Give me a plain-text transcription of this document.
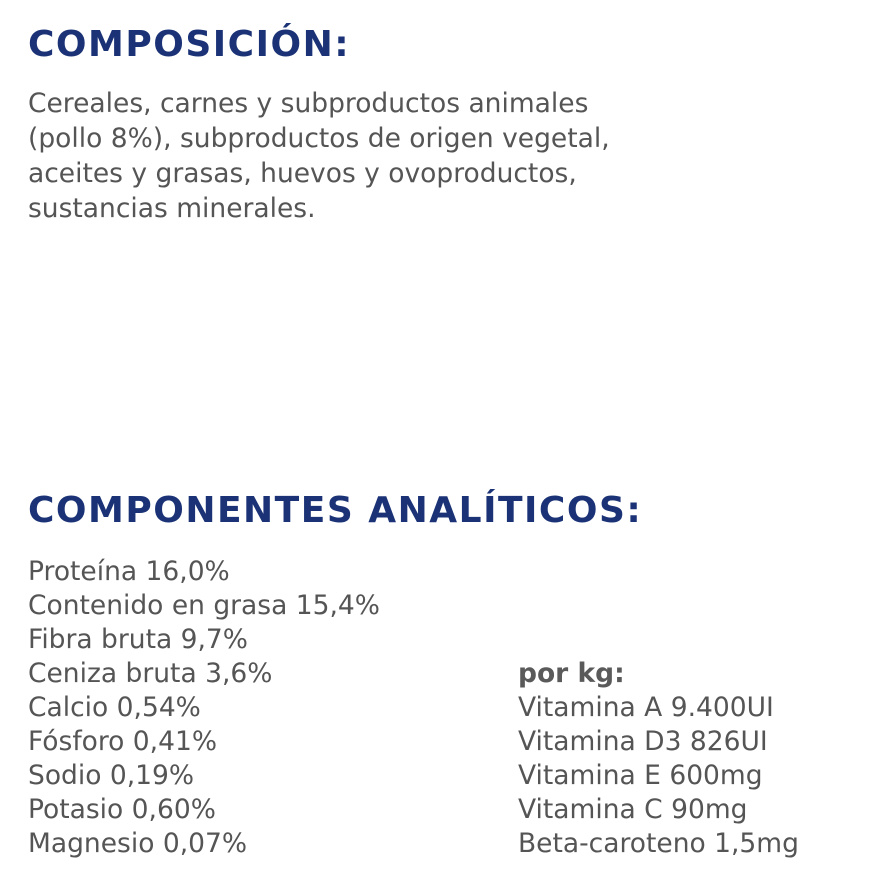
COMPOSICIÓN:
Cereales, carnes y subproductos animales
(pollo 8%), subproductos de origen vegetal,
aceites y grasas, huevos y ovoproductos,
sustancias minerales.
COMPONENTES ANALÍTICOS:
Proteína 16,0%
Contenido en grasa 15,4%
Fibra bruta 9,7%
Ceniza bruta 3,6%
Calcio 0,54%
Fósforo 0,41%
Sodio 0,19%
Potasio 0,60%
Magnesio 0,07%
por kg:
Vitamina A 9.400UI
Vitamina D3 826UI
Vitamina E 600mg
Vitamina C 90mg
Beta-caroteno 1,5mg
